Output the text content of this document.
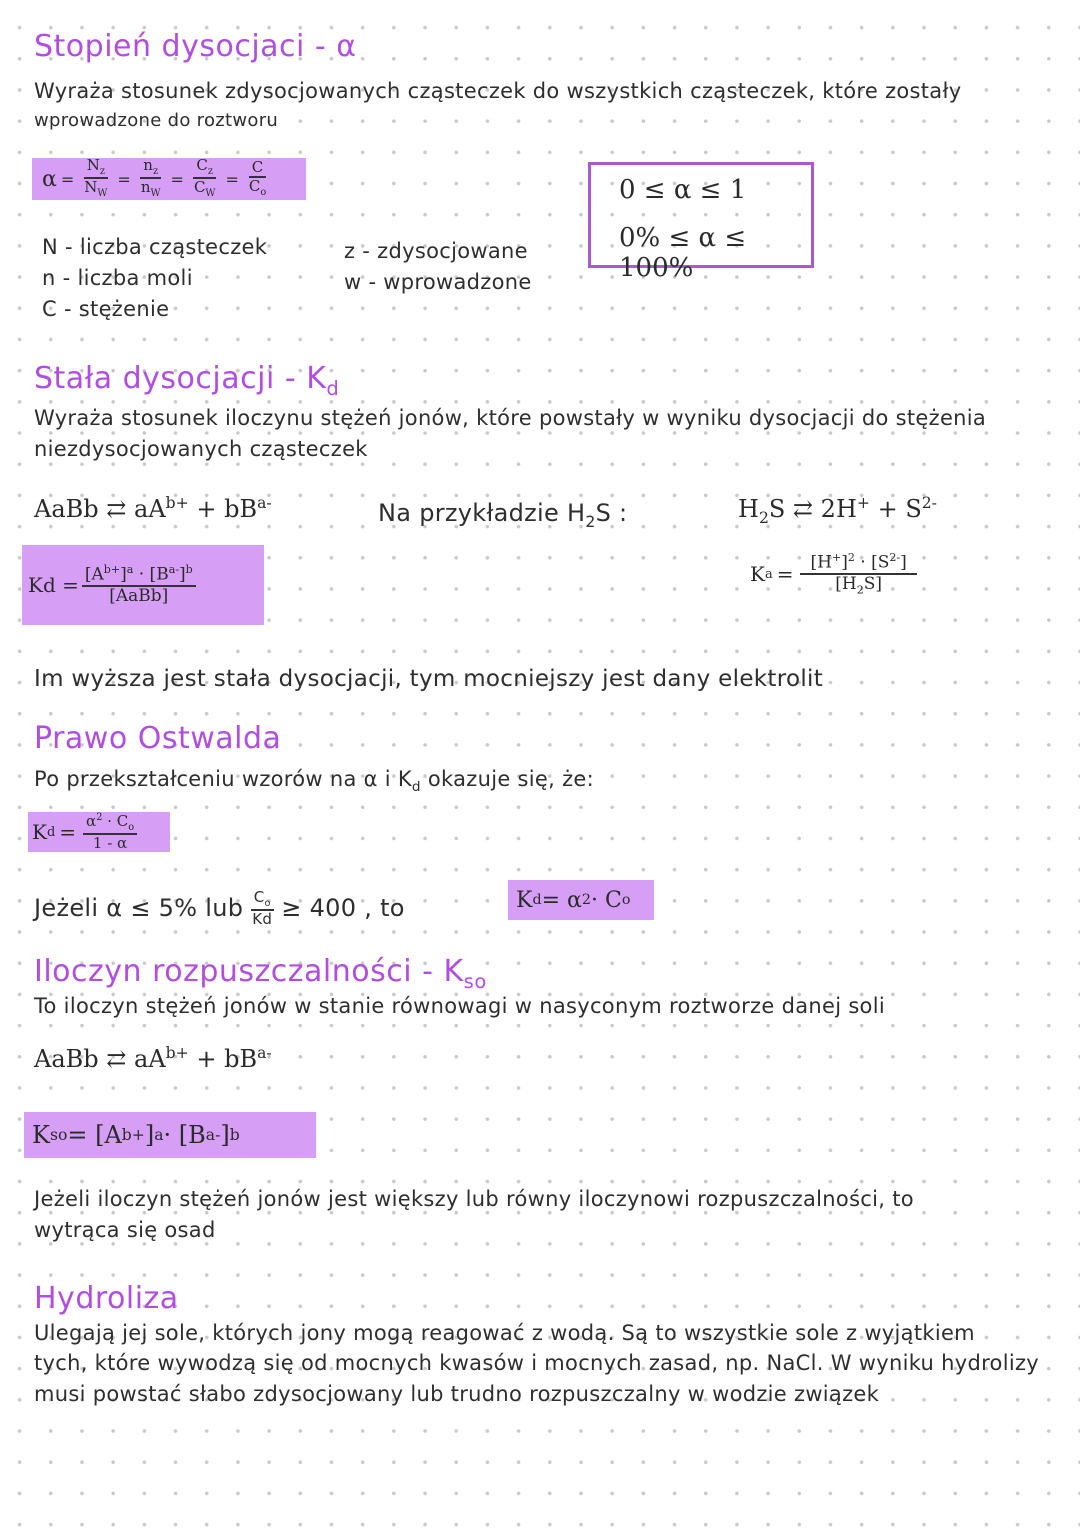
Stopień dysocjaci - α
Wyraża stosunek zdysocjowanych cząsteczek do wszystkich cząsteczek, które zostały
wprowadzone do roztworu
$\alpha = \frac{N_z}{N_W} = \frac{n_z}{n_W} = \frac{C_z}{C_W} = \frac{C}{C_o}$	0 ≤ α ≤ 1
0% ≤ α ≤ 100%
N - liczba cząsteczek
n - liczba moli
C - stężenie
z - zdysocjowane
w - wprowadzone
Stała dysocjacji - $K_d$
Wyraża stosunek iloczynu stężeń jonów, które powstały w wyniku dysocjacji do stężenia
niezdysocjowanych cząsteczek
AaBb ⇄ $aA^{b+} + bB^{a-}$	Na przykładzie $H_2S$ :	$H_2S$ ⇄ $2H^+ + S^{2-}$
$Kd = \frac{[A^{b+}]^a \cdot [B^{a-}]^b}{\text{[AaBb]}}$	K $a = \frac{[H^+]^2 \cdot [S^{2-}]}{[H_2S]}$
Im wyższa jest stała dysocjacji, tym mocniejszy jest dany elektrolit
Prawo Ostwalda
Po przekształceniu wzorów na α i $K_d$ okazuje się, że:
K $d = \frac{\alpha^2 \cdot C_o}{1 - \alpha}$
Jeżeli α ≤ 5% lub $\frac{C_o}{Kd} \ge 400$ , to	K d = α 2 · C o
Iloczyn rozpuszczalności - $K_{so}$
To iloczyn stężeń jonów w stanie równowagi w nasyconym roztworze danej soli
AaBb ⇄ $aA^{b+} + bB^{a-}$
K so = [A b+ ] a · [B a- ] b
Jeżeli iloczyn stężeń jonów jest większy lub równy iloczynowi rozpuszczalności, to
wytrąca się osad
Hydroliza
Ulegają jej sole, których jony mogą reagować z wodą. Są to wszystkie sole z wyjątkiem
tych, które wywodzą się od mocnych kwasów i mocnych zasad, np. NaCl. W wyniku hydrolizy
musi powstać słabo zdysocjowany lub trudno rozpuszczalny w wodzie związek
